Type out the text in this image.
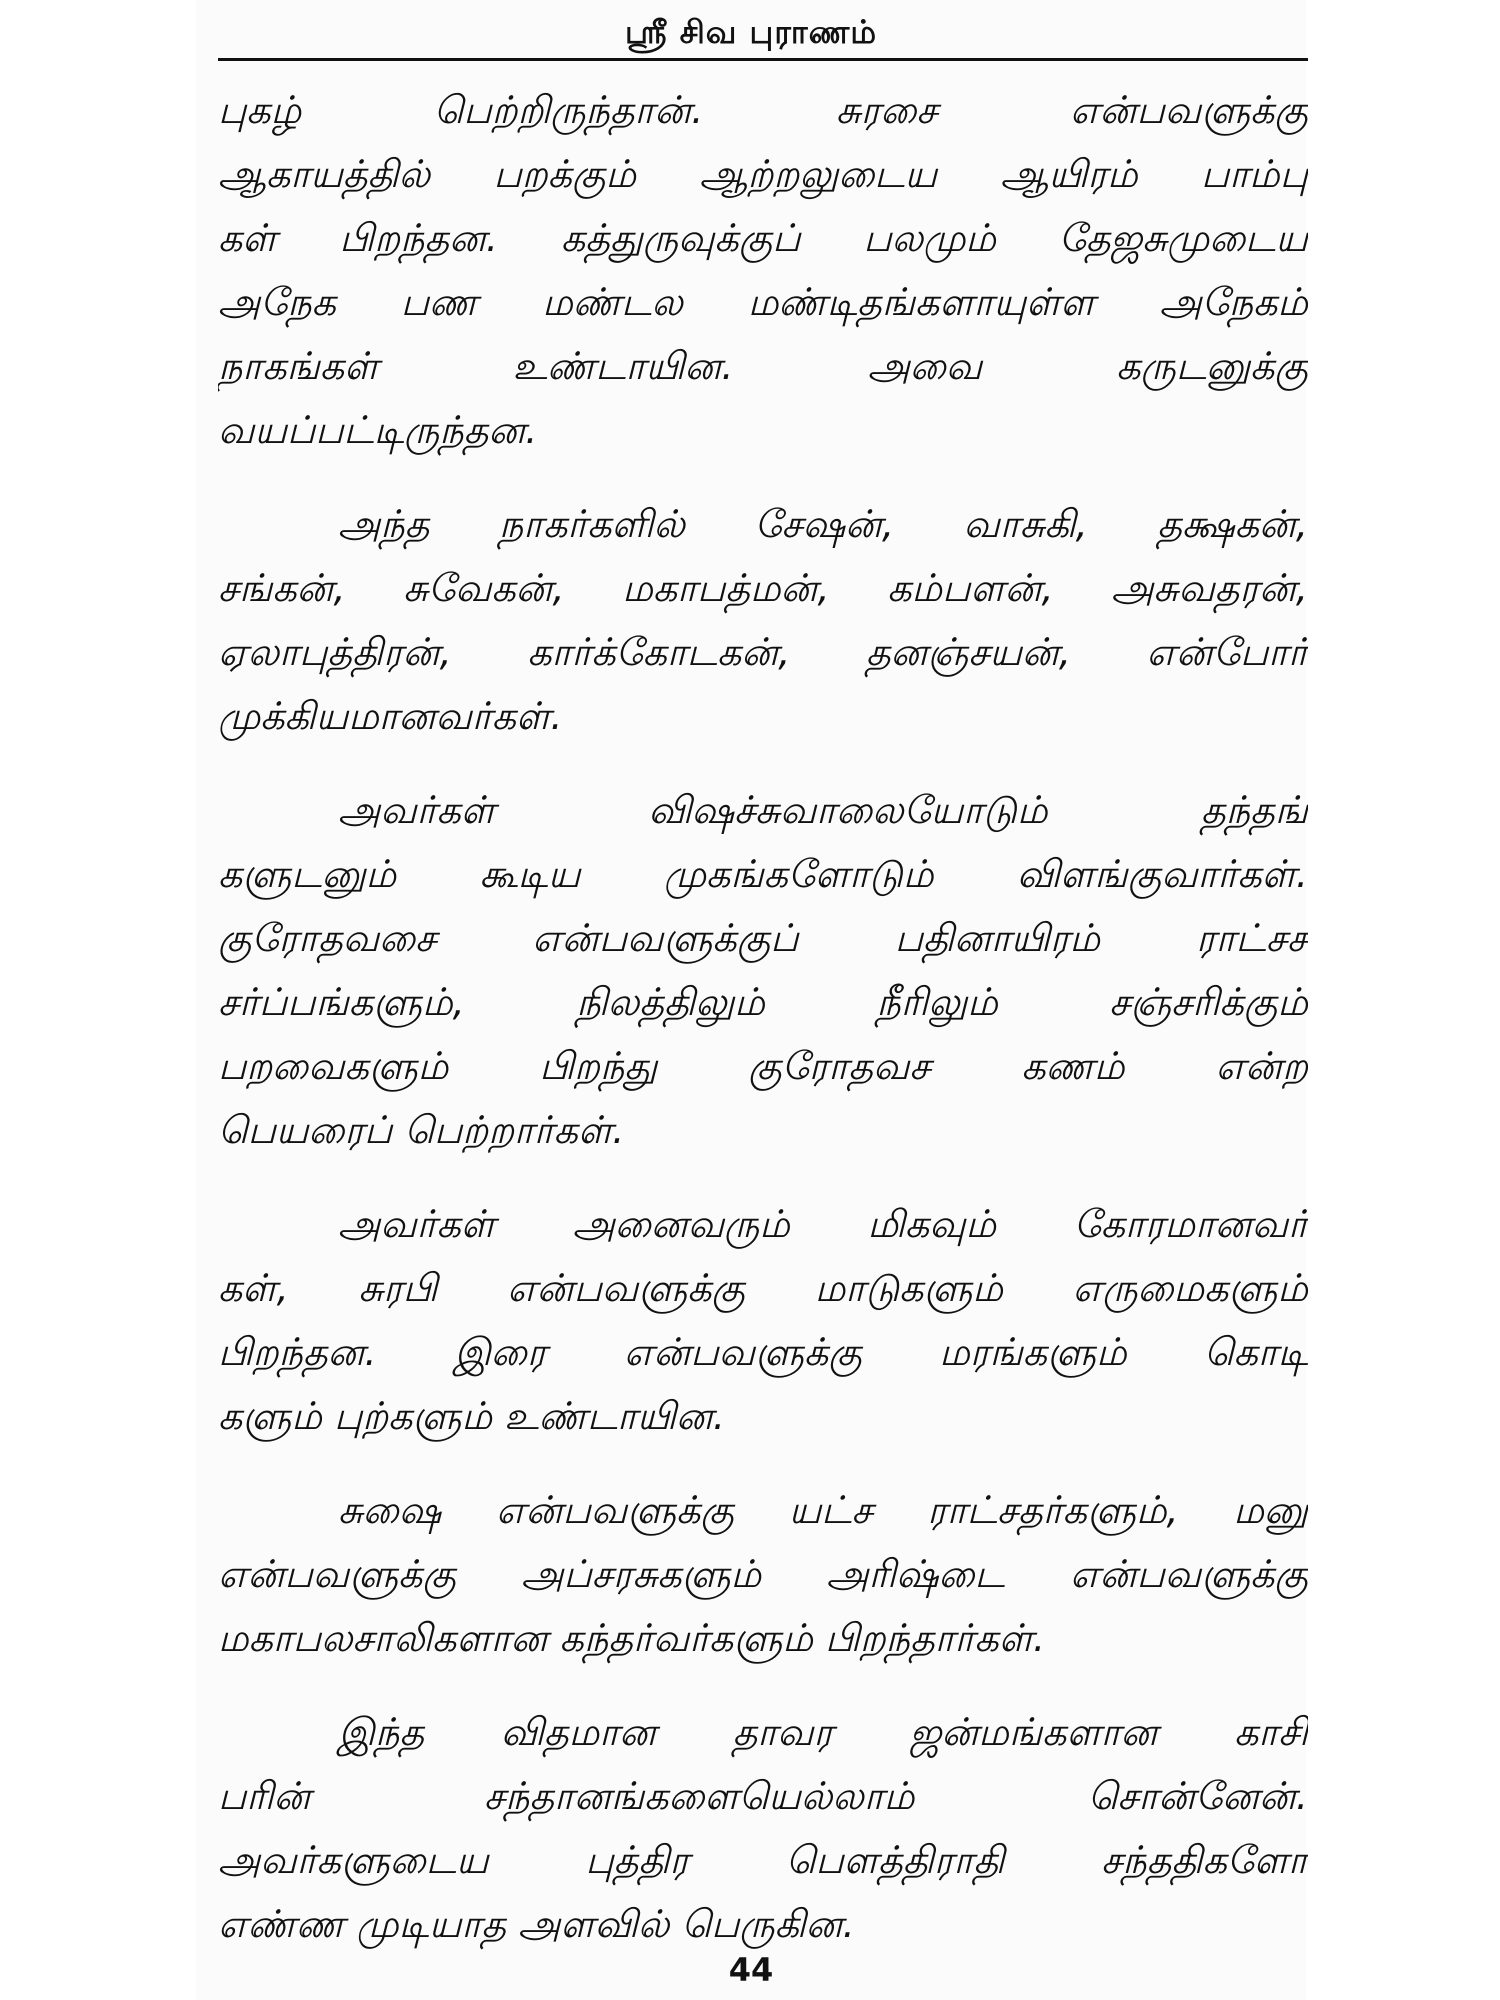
ஸ்ரீ சிவ புராணம்
புகழ் பெற்றிருந்தான். சுரசை என்பவளுக்கு
ஆகாயத்தில் பறக்கும் ஆற்றலுடைய ஆயிரம் பாம்பு
கள் பிறந்தன. கத்துருவுக்குப் பலமும் தேஜசுமுடைய
அநேக பண மண்டல மண்டிதங்களாயுள்ள அநேகம்
நாகங்கள் உண்டாயின. அவை கருடனுக்கு
வயப்பட்டிருந்தன.
அந்த நாகர்களில் சேஷன், வாசுகி, தக்ஷகன்,
சங்கன், சுவேகன், மகாபத்மன், கம்பளன், அசுவதரன்,
ஏலாபுத்திரன், கார்க்கோடகன், தனஞ்சயன், என்போர்
முக்கியமானவர்கள்.
அவர்கள் விஷச்சுவாலையோடும் தந்தங்
களுடனும் கூடிய முகங்களோடும் விளங்குவார்கள்.
குரோதவசை என்பவளுக்குப் பதினாயிரம் ராட்சச
சர்ப்பங்களும், நிலத்திலும் நீரிலும் சஞ்சரிக்கும்
பறவைகளும் பிறந்து குரோதவச கணம் என்ற
பெயரைப் பெற்றார்கள்.
அவர்கள் அனைவரும் மிகவும் கோரமானவர்
கள், சுரபி என்பவளுக்கு மாடுகளும் எருமைகளும்
பிறந்தன. இரை என்பவளுக்கு மரங்களும் கொடி
களும் புற்களும் உண்டாயின.
சுஷை என்பவளுக்கு யட்ச ராட்சதர்களும், மனு
என்பவளுக்கு அப்சரசுகளும் அரிஷ்டை என்பவளுக்கு
மகாபலசாலிகளான கந்தர்வர்களும் பிறந்தார்கள்.
இந்த விதமான தாவர ஜன்மங்களான காசி
பரின் சந்தானங்களையெல்லாம் சொன்னேன்.
அவர்களுடைய புத்திர பௌத்திராதி சந்ததிகளோ
எண்ண முடியாத அளவில் பெருகின.
44
